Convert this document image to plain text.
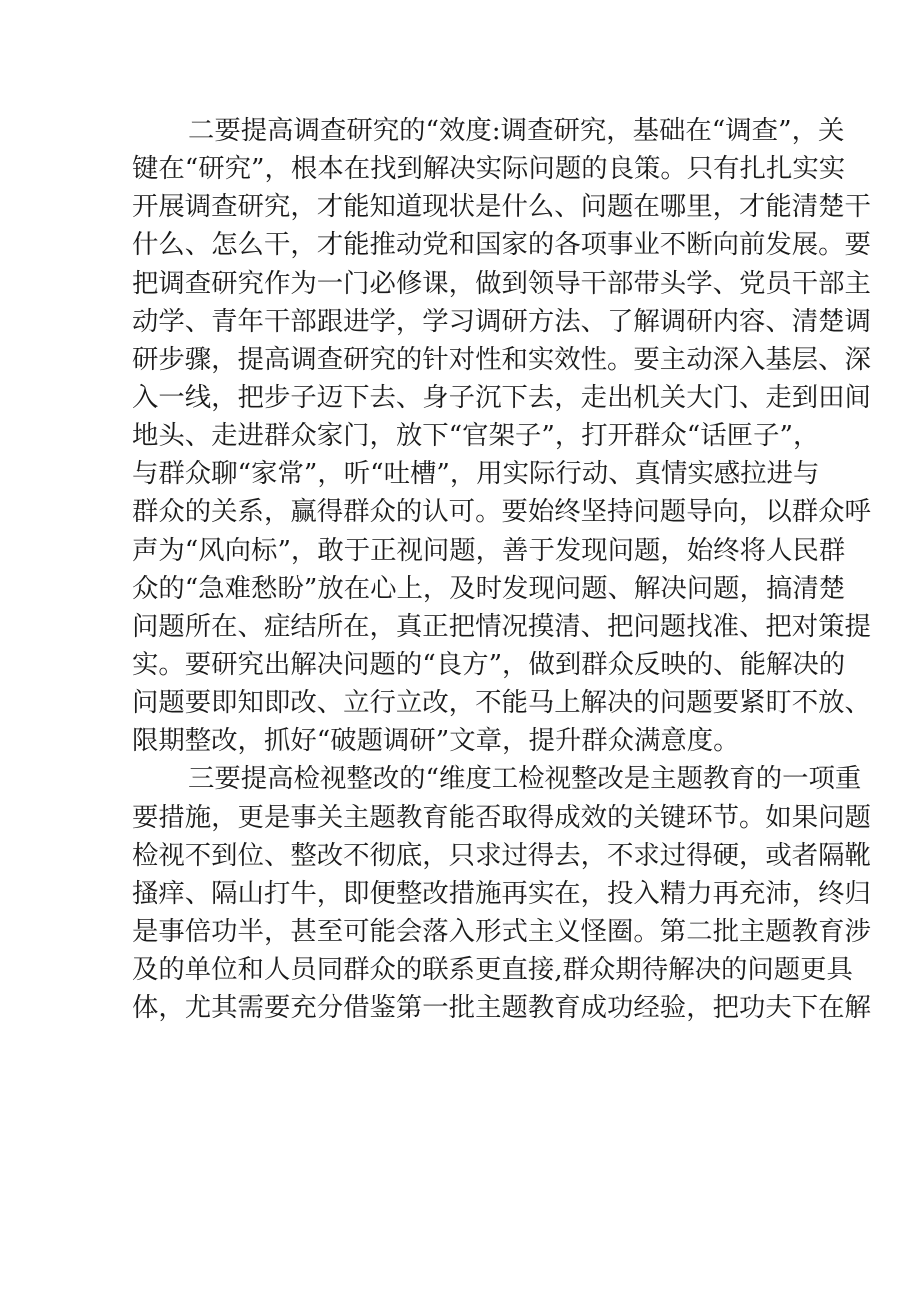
二要提高调查研究的“效度:调查研究，基础在“调查”，关
键在“研究”，根本在找到解决实际问题的良策。只有扎扎实实
开展调查研究，才能知道现状是什么、问题在哪里，才能清楚干
什么、怎么干，才能推动党和国家的各项事业不断向前发展。要
把调查研究作为一门必修课，做到领导干部带头学、党员干部主
动学、青年干部跟进学，学习调研方法、了解调研内容、清楚调
研步骤，提高调查研究的针对性和实效性。要主动深入基层、深
入一线，把步子迈下去、身子沉下去，走出机关大门、走到田间
地头、走进群众家门，放下“官架子”，打开群众“话匣子”，
与群众聊“家常”，听“吐槽”，用实际行动、真情实感拉进与
群众的关系，赢得群众的认可。要始终坚持问题导向，以群众呼
声为“风向标”，敢于正视问题，善于发现问题，始终将人民群
众的“急难愁盼”放在心上，及时发现问题、解决问题，搞清楚
问题所在、症结所在，真正把情况摸清、把问题找准、把对策提
实。要研究出解决问题的“良方”，做到群众反映的、能解决的
问题要即知即改、立行立改，不能马上解决的问题要紧盯不放、
限期整改，抓好“破题调研”文章，提升群众满意度。
三要提高检视整改的“维度工检视整改是主题教育的一项重
要措施，更是事关主题教育能否取得成效的关键环节。如果问题
检视不到位、整改不彻底，只求过得去，不求过得硬，或者隔靴
搔痒、隔山打牛，即便整改措施再实在，投入精力再充沛，终归
是事倍功半，甚至可能会落入形式主义怪圈。第二批主题教育涉
及的单位和人员同群众的联系更直接,群众期待解决的问题更具
体，尤其需要充分借鉴第一批主题教育成功经验，把功夫下在解
